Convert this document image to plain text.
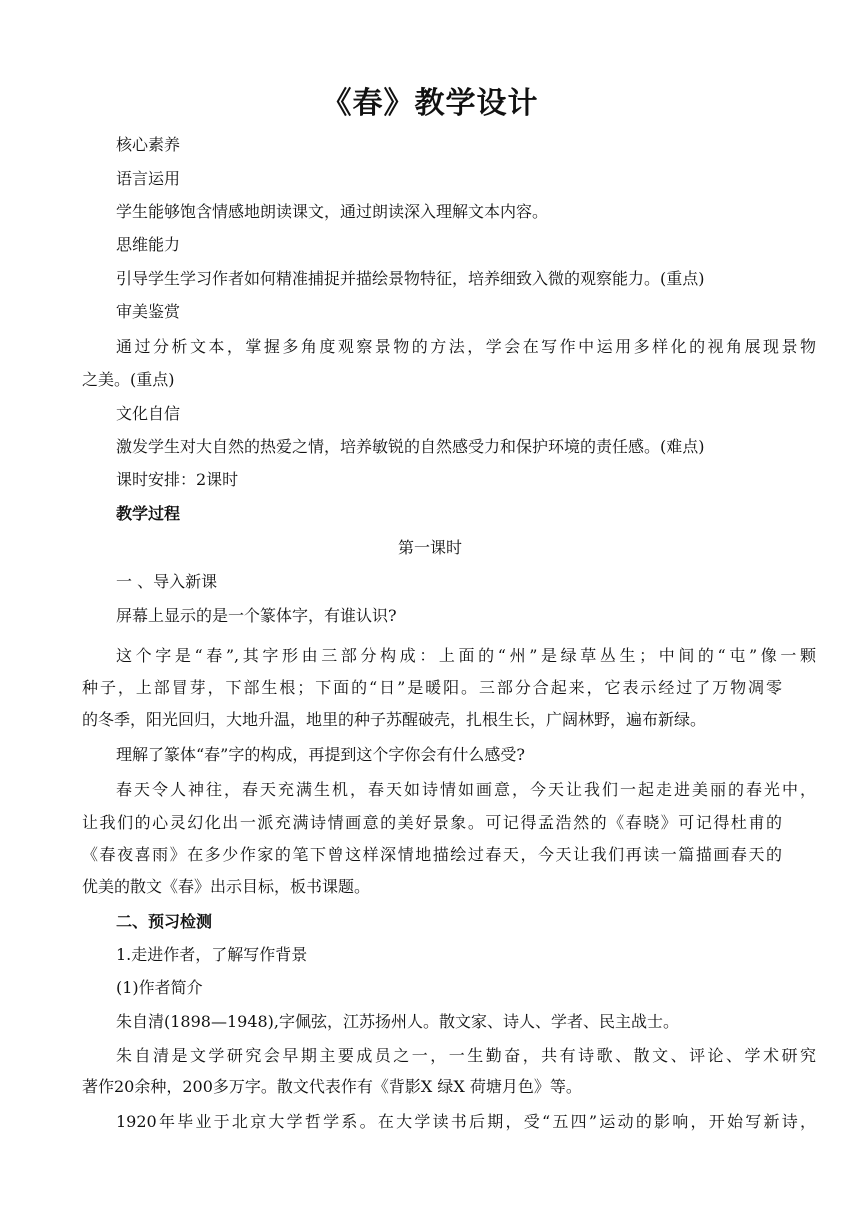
《春》教学设计
核心素养
语言运用
学生能够饱含情感地朗读课文，通过朗读深入理解文本内容。
思维能力
引导学生学习作者如何精准捕捉并描绘景物特征，培养细致入微的观察能力。(重点)
审美鉴赏
通过分析文本，掌握多角度观察景物的方法，学会在写作中运用多样化的视角展现景物
之美。(重点)
文化自信
激发学生对大自然的热爱之情，培养敏锐的自然感受力和保护环境的责任感。(难点)
课时安排：2课时
教学过程
第一课时
一 、导入新课
屏幕上显示的是一个篆体字，有谁认识?
这个字是“春”,其字形由三部分构成：上面的“州”是绿草丛生；中间的“屯”像一颗
种子，上部冒芽，下部生根；下面的“日”是暖阳。三部分合起来，它表示经过了万物凋零
的冬季，阳光回归，大地升温，地里的种子苏醒破壳，扎根生长，广阔林野，遍布新绿。
理解了篆体“春”字的构成，再提到这个字你会有什么感受?
春天令人神往，春天充满生机，春天如诗情如画意，今天让我们一起走进美丽的春光中，
让我们的心灵幻化出一派充满诗情画意的美好景象。可记得孟浩然的《春晓》可记得杜甫的
《春夜喜雨》在多少作家的笔下曾这样深情地描绘过春天，今天让我们再读一篇描画春天的
优美的散文《春》出示目标，板书课题。
二、预习检测
1.走进作者，了解写作背景
(1)作者简介
朱自清(1898—1948),字佩弦，江苏扬州人。散文家、诗人、学者、民主战士。
朱自清是文学研究会早期主要成员之一，一生勤奋，共有诗歌、散文、评论、学术研究
著作20余种，200多万字。散文代表作有《背影X 绿X 荷塘月色》等。
1920年毕业于北京大学哲学系。在大学读书后期，受“五四”运动的影响，开始写新诗，
